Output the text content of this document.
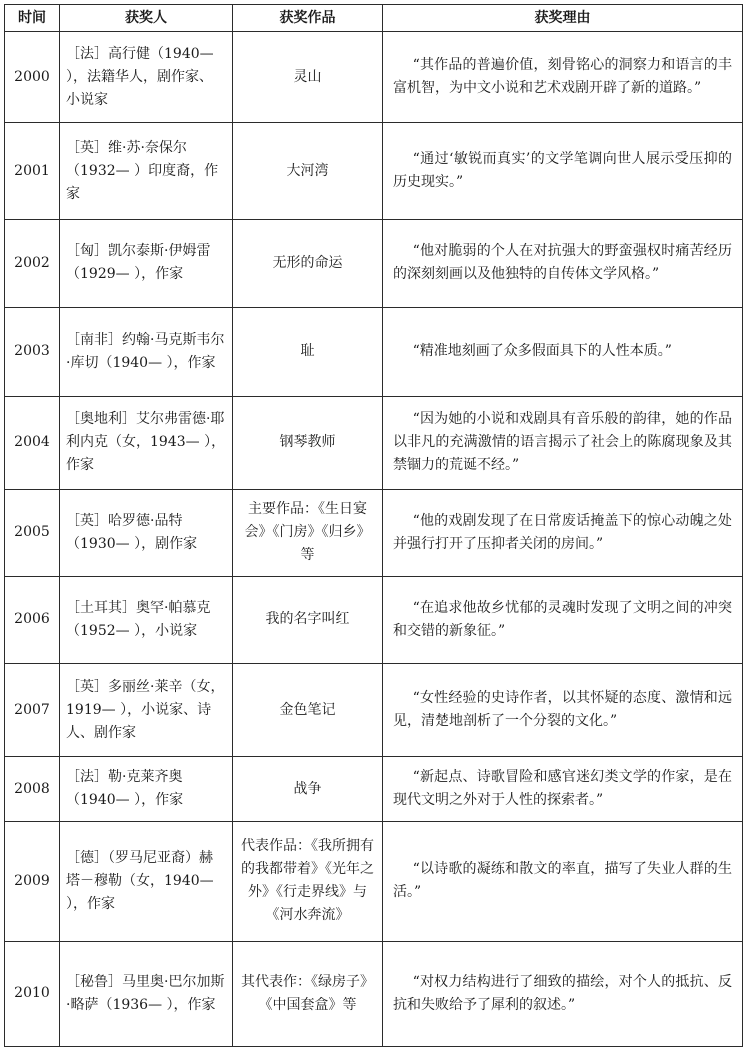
时间	获奖人	获奖作品	获奖理由
2000	［法］高行健（1940— ），法籍华人，剧作家、小说家	灵山	“其作品的普遍价值，刻骨铭心的洞察力和语言的丰富机智，为中文小说和艺术戏剧开辟了新的道路。”
2001	［英］维·苏·奈保尔（1932— ）印度裔，作家	大河湾	“通过‘敏锐而真实’的文学笔调向世人展示受压抑的历史现实。”
2002	［匈］凯尔泰斯·伊姆雷（1929— ），作家	无形的命运	“他对脆弱的个人在对抗强大的野蛮强权时痛苦经历的深刻刻画以及他独特的自传体文学风格。”
2003	［南非］约翰·马克斯韦尔·库切（1940— ），作家	耻	“精准地刻画了众多假面具下的人性本质。”
2004	［奥地利］艾尔弗雷德·耶利内克（女，1943— ），作家	钢琴教师	“因为她的小说和戏剧具有音乐般的韵律，她的作品以非凡的充满激情的语言揭示了社会上的陈腐现象及其禁锢力的荒诞不经。”
2005	［英］哈罗德·品特（1930— ），剧作家	主要作品：《生日宴会》《门房》《归乡》等	“他的戏剧发现了在日常废话掩盖下的惊心动魄之处并强行打开了压抑者关闭的房间。”
2006	［土耳其］奥罕·帕慕克（1952— ），小说家	我的名字叫红	“在追求他故乡忧郁的灵魂时发现了文明之间的冲突和交错的新象征。”
2007	［英］多丽丝·莱辛（女，1919— ），小说家、诗人、剧作家	金色笔记	“女性经验的史诗作者，以其怀疑的态度、激情和远见，清楚地剖析了一个分裂的文化。”
2008	［法］勒·克莱齐奥（1940— ），作家	战争	“新起点、诗歌冒险和感官迷幻类文学的作家，是在现代文明之外对于人性的探索者。”
2009	［德］（罗马尼亚裔）赫塔－穆勒（女，1940— ），作家	代表作品：《我所拥有的我都带着》《光年之外》《行走界线》与《河水奔流》	“以诗歌的凝练和散文的率直，描写了失业人群的生活。”
2010	［秘鲁］马里奥·巴尔加斯·略萨（1936— ），作家	其代表作：《绿房子》《中国套盒》等	“对权力结构进行了细致的描绘，对个人的抵抗、反抗和失败给予了犀利的叙述。”
